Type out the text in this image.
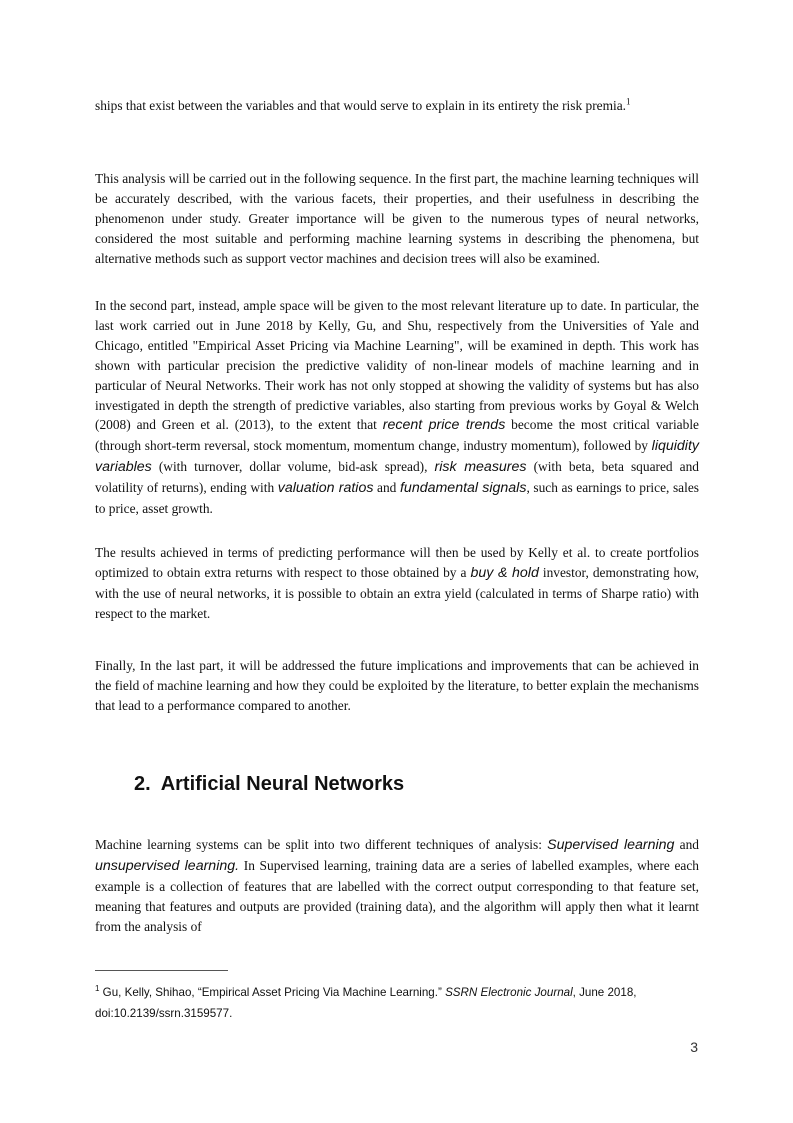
ships that exist between the variables and that would serve to explain in its entirety the risk premia.$^1$

This analysis will be carried out in the following sequence. In the first part, the machine learning techniques will be accurately described, with the various facets, their properties, and their usefulness in describing the phenomenon under study. Greater importance will be given to the numerous types of neural networks, considered the most suitable and performing machine learning systems in describing the phenomena, but alternative methods such as support vector machines and decision trees will also be examined.

In the second part, instead, ample space will be given to the most relevant literature up to date. In particular, the last work carried out in June 2018 by Kelly, Gu, and Shu, respectively from the Universities of Yale and Chicago, entitled "Empirical Asset Pricing via Machine Learning", will be examined in depth. This work has shown with particular precision the predictive validity of non-linear models of machine learning and in particular of Neural Networks. Their work has not only stopped at showing the validity of systems but has also investigated in depth the strength of predictive variables, also starting from previous works by Goyal & Welch (2008) and Green et al. (2013), to the extent that recent price trends become the most critical variable (through short-term reversal, stock momentum, momentum change, industry momentum), followed by liquidity variables (with turnover, dollar volume, bid-ask spread), risk measures (with beta, beta squared and volatility of returns), ending with valuation ratios and fundamental signals, such as earnings to price, sales to price, asset growth.

The results achieved in terms of predicting performance will then be used by Kelly et al. to create portfolios optimized to obtain extra returns with respect to those obtained by a buy & hold investor, demonstrating how, with the use of neural networks, it is possible to obtain an extra yield (calculated in terms of Sharpe ratio) with respect to the market.

Finally, In the last part, it will be addressed the future implications and improvements that can be achieved in the field of machine learning and how they could be exploited by the literature, to better explain the mechanisms that lead to a performance compared to another.

2. Artificial Neural Networks

Machine learning systems can be split into two different techniques of analysis: Supervised learning and unsupervised learning. In Supervised learning, training data are a series of labelled examples, where each example is a collection of features that are labelled with the correct output corresponding to that feature set, meaning that features and outputs are provided (training data), and the algorithm will apply then what it learnt from the analysis of

$^1$ Gu, Kelly, Shihao, “Empirical Asset Pricing Via Machine Learning.” SSRN Electronic Journal, June 2018, doi:10.2139/ssrn.3159577.

3
